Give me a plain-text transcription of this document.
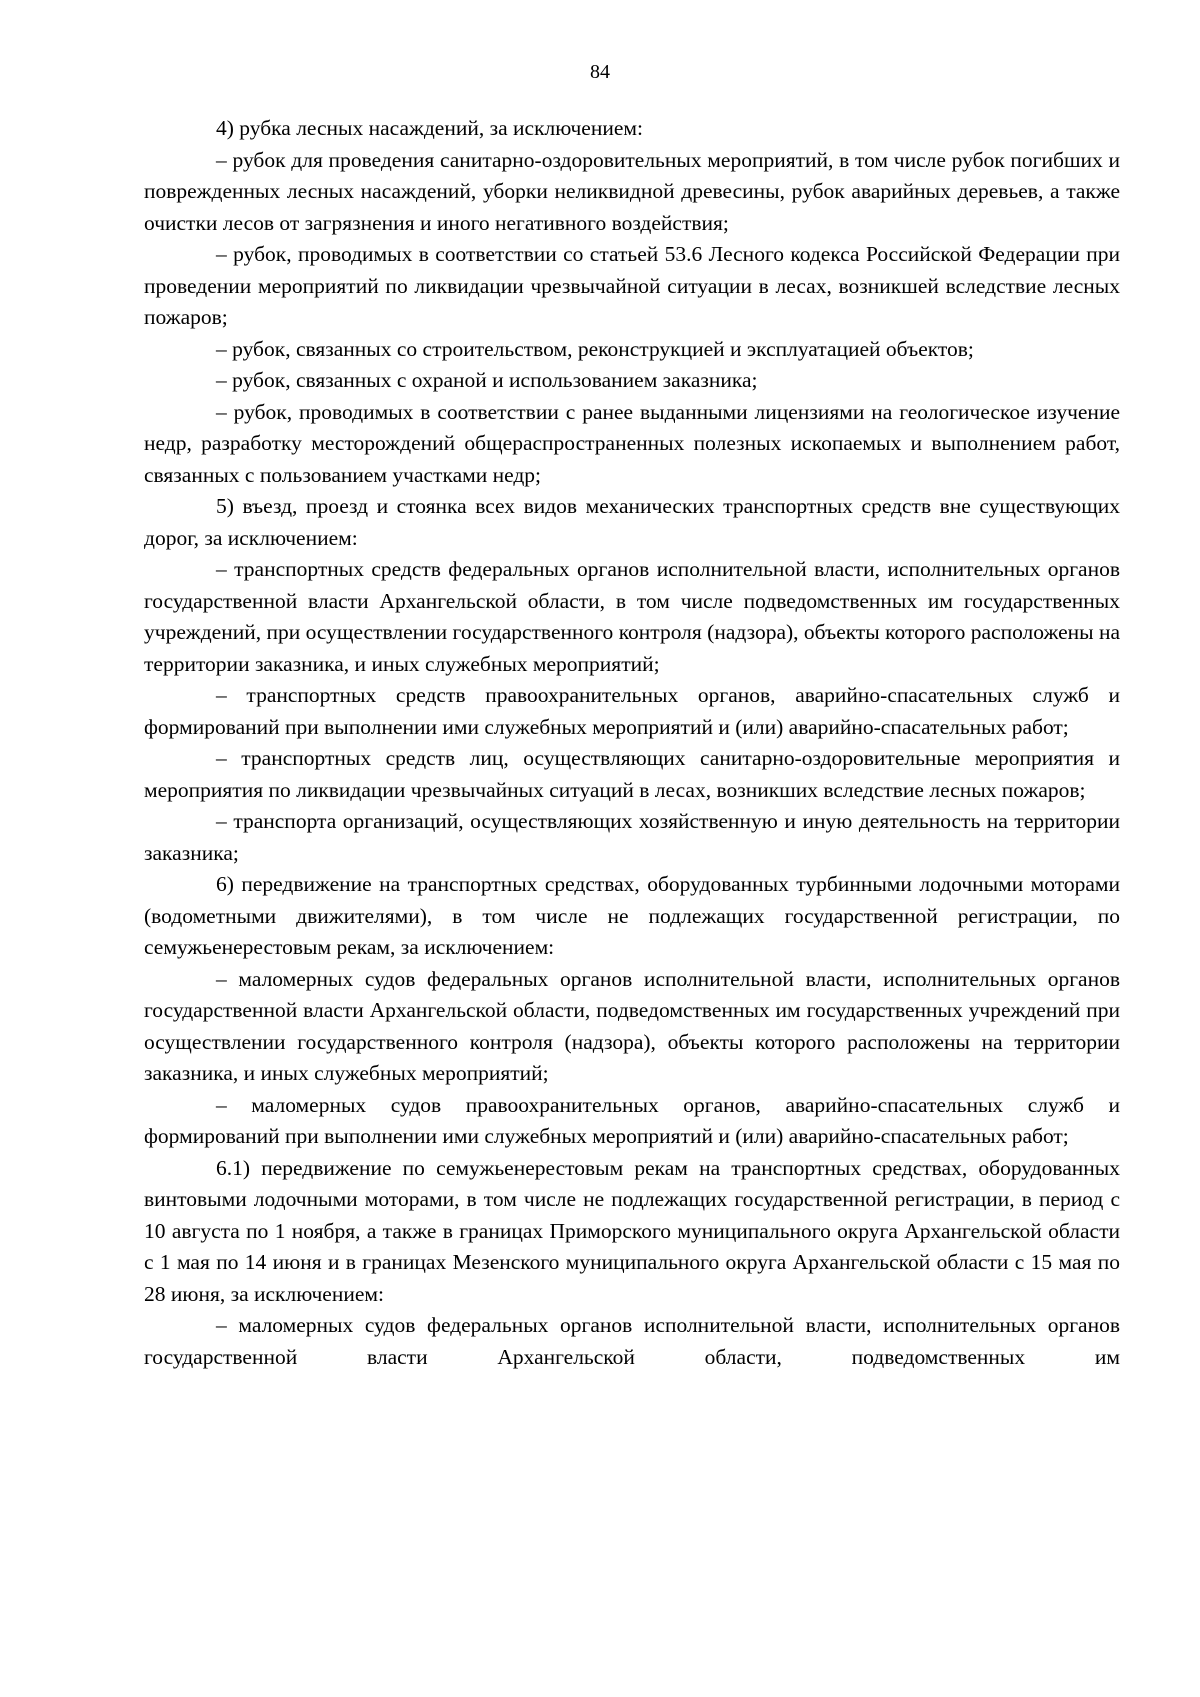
84

4) рубка лесных насаждений, за исключением:

– рубок для проведения санитарно-оздоровительных мероприятий, в том числе рубок погибших и поврежденных лесных насаждений, уборки неликвидной древесины, рубок аварийных деревьев, а также очистки лесов от загрязнения и иного негативного воздействия;

– рубок, проводимых в соответствии со статьей 53.6 Лесного кодекса Российской Федерации при проведении мероприятий по ликвидации чрезвычайной ситуации в лесах, возникшей вследствие лесных пожаров;

– рубок, связанных со строительством, реконструкцией и эксплуатацией объектов;

– рубок, связанных с охраной и использованием заказника;

– рубок, проводимых в соответствии с ранее выданными лицензиями на геологическое изучение недр, разработку месторождений общераспространенных полезных ископаемых и выполнением работ, связанных с пользованием участками недр;

5) въезд, проезд и стоянка всех видов механических транспортных средств вне существующих дорог, за исключением:

– транспортных средств федеральных органов исполнительной власти, исполнительных органов государственной власти Архангельской области, в том числе подведомственных им государственных учреждений, при осуществлении государственного контроля (надзора), объекты которого расположены на территории заказника, и иных служебных мероприятий;

– транспортных средств правоохранительных органов, аварийно-спасательных служб и формирований при выполнении ими служебных мероприятий и (или) аварийно-спасательных работ;

– транспортных средств лиц, осуществляющих санитарно-оздоровительные мероприятия и мероприятия по ликвидации чрезвычайных ситуаций в лесах, возникших вследствие лесных пожаров;

– транспорта организаций, осуществляющих хозяйственную и иную деятельность на территории заказника;

6) передвижение на транспортных средствах, оборудованных турбинными лодочными моторами (водометными движителями), в том числе не подлежащих государственной регистрации, по семужьенерестовым рекам, за исключением:

– маломерных судов федеральных органов исполнительной власти, исполнительных органов государственной власти Архангельской области, подведомственных им государственных учреждений при осуществлении государственного контроля (надзора), объекты которого расположены на территории заказника, и иных служебных мероприятий;

– маломерных судов правоохранительных органов, аварийно-спасательных служб и формирований при выполнении ими служебных мероприятий и (или) аварийно-спасательных работ;

6.1) передвижение по семужьенерестовым рекам на транспортных средствах, оборудованных винтовыми лодочными моторами, в том числе не подлежащих государственной регистрации, в период с 10 августа по 1 ноября, а также в границах Приморского муниципального округа Архангельской области с 1 мая по 14 июня и в границах Мезенского муниципального округа Архангельской области с 15 мая по 28 июня, за исключением:

– маломерных судов федеральных органов исполнительной власти, исполнительных органов государственной власти Архангельской области, подведомственных им
